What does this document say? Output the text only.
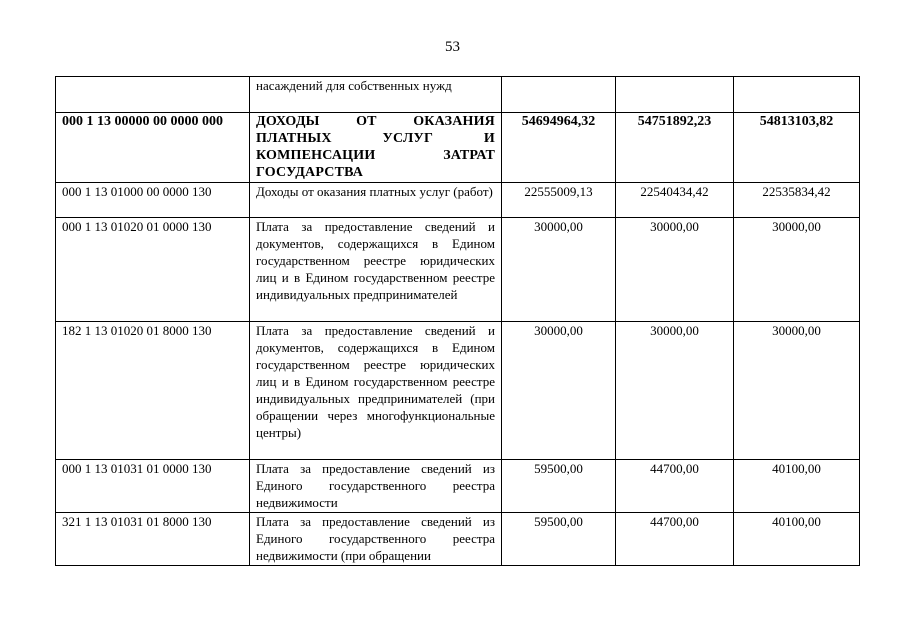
53
	насаждений для собственных нужд			
000 1 13 00000 00 0000 000	ДОХОДЫ ОТ ОКАЗАНИЯ ПЛАТНЫХ УСЛУГ И КОМПЕНСАЦИИ ЗАТРАТ ГОСУДАРСТВА	54694964,32	54751892,23	54813103,82
000 1 13 01000 00 0000 130	Доходы от оказания платных услуг (работ)	22555009,13	22540434,42	22535834,42
000 1 13 01020 01 0000 130	Плата за предоставление сведений и документов, содержащихся в Едином государственном реестре юридических лиц и в Едином государственном реестре индивидуальных предпринимателей	30000,00	30000,00	30000,00
182 1 13 01020 01 8000 130	Плата за предоставление сведений и документов, содержащихся в Едином государственном реестре юридических лиц и в Едином государственном реестре индивидуальных предпринимателей (при обращении через многофункциональные центры)	30000,00	30000,00	30000,00
000 1 13 01031 01 0000 130	Плата за предоставление сведений из Единого государственного реестра недвижимости	59500,00	44700,00	40100,00
321 1 13 01031 01 8000 130	Плата за предоставление сведений из Единого государственного реестра недвижимости (при обращении	59500,00	44700,00	40100,00
